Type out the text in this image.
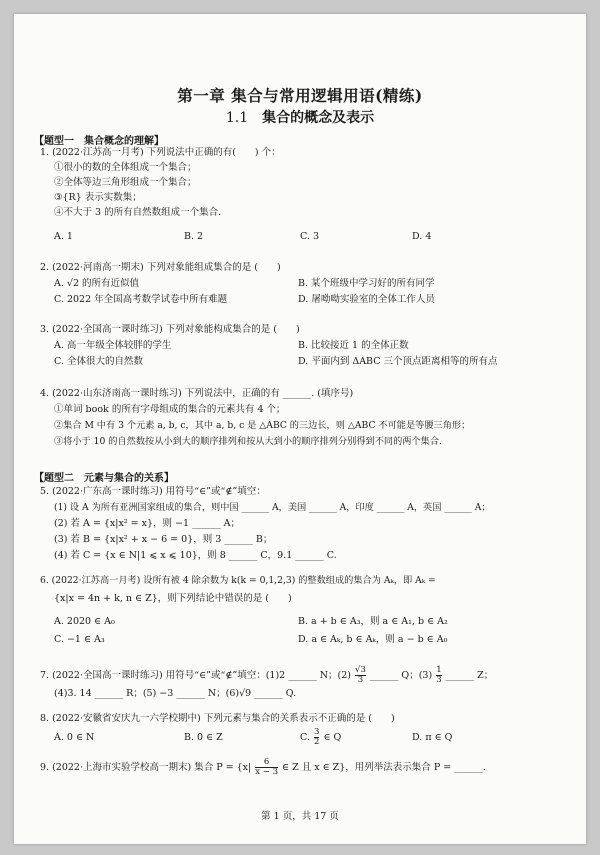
第一章 集合与常用逻辑用语(精练)
1.1 集合的概念及表示
【题型一　集合概念的理解】
1. (2022·江苏高一月考) 下列说法中正确的有(　　) 个：
①很小的数的全体组成一个集合；
②全体等边三角形组成一个集合；
③{R} 表示实数集；
④不大于 3 的所有自然数组成一个集合.
A. 1	B. 2	C. 3	D. 4
2. (2022·河南高一期末) 下列对象能组成集合的是 (　　)
A. √2 的所有近似值	B. 某个班级中学习好的所有同学
C. 2022 年全国高考数学试卷中所有难题	D. 屠呦呦实验室的全体工作人员
3. (2022·全国高一课时练习) 下列对象能构成集合的是 (　　)
A. 高一年级全体较胖的学生	B. 比较接近 1 的全体正数
C. 全体很大的自然数	D. 平面内到 ΔABC 三个顶点距离相等的所有点
4. (2022·山东济南高一课时练习) 下列说法中，正确的有 ______. (填序号)
①单词 book 的所有字母组成的集合的元素共有 4 个；
②集合 M 中有 3 个元素 a, b, c，其中 a, b, c 是 △ABC 的三边长，则 △ABC 不可能是等腰三角形；
③将小于 10 的自然数按从小到大的顺序排列和按从大到小的顺序排列分别得到不同的两个集合.
【题型二　元素与集合的关系】
5. (2022·广东高一课时练习) 用符号“∈”或“∉”填空：
(1) 设 A 为所有亚洲国家组成的集合，则中国 ______ A，美国 ______ A，印度 ______ A，英国 ______ A；
(2) 若 A = {x|x² = x}，则 −1 ______ A；
(3) 若 B = {x|x² + x − 6 = 0}，则 3 ______ B；
(4) 若 C = {x ∈ N|1 ⩽ x ⩽ 10}，则 8 ______ C，9.1 ______ C.
6. (2022·江苏高一月考) 设所有被 4 除余数为 k(k = 0,1,2,3) 的整数组成的集合为 Aₖ，即 Aₖ =
{x|x = 4n + k, n ∈ Z}，则下列结论中错误的是 (　　)
A. 2020 ∈ A₀	B. a + b ∈ A₃，则 a ∈ A₁, b ∈ A₂
C. −1 ∈ A₃	D. a ∈ Aₖ, b ∈ Aₖ，则 a − b ∈ A₀
7. (2022·全国高一课时练习) 用符号“∈”或“∉”填空：(1)2 ______ N；$(2) \frac{√3}{3}$ ______ Q；$(3) \frac{1}{3}$ ______ Z；
(4)3. 14 ______ R；(5) −3 ______ N；(6)√9 ______ Q.
8. (2022·安徽省安庆九一六学校期中) 下列元素与集合的关系表示不正确的是 (　　)
A. 0 ∈ N	B. 0 ∈ Z	C. $\frac{3}{2}$ ∈ Q	D. π ∈ Q
9. (2022·上海市实验学校高一期末) 集合 $P = \{x| \frac{6}{x - 3}$ ∈ Z 且 x ∈ Z}，用列举法表示集合 P = ______.
第 1 页，共 17 页
